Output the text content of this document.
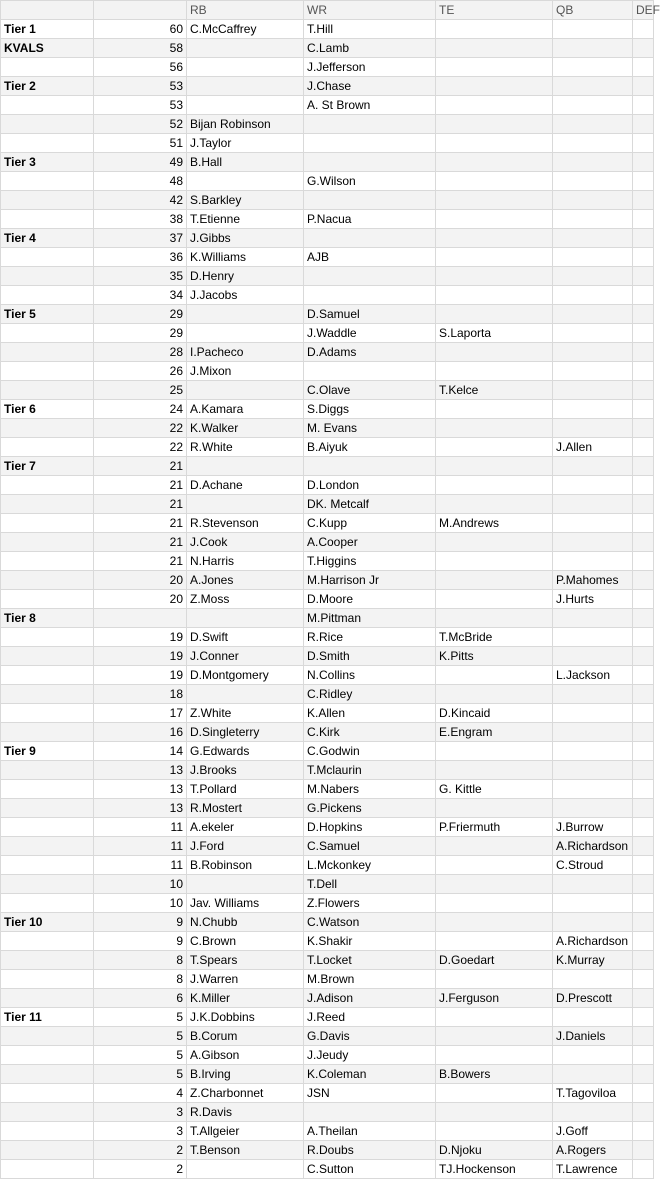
		RB	WR	TE	QB	DEF
Tier 1	60	C.McCaffrey	T.Hill			
KVALS	58		C.Lamb			
	56		J.Jefferson			
Tier 2	53		J.Chase			
	53		A. St Brown			
	52	Bijan Robinson				
	51	J.Taylor				
Tier 3	49	B.Hall				
	48		G.Wilson			
	42	S.Barkley				
	38	T.Etienne	P.Nacua			
Tier 4	37	J.Gibbs				
	36	K.Williams	AJB			
	35	D.Henry				
	34	J.Jacobs				
Tier 5	29		D.Samuel			
	29		J.Waddle	S.Laporta		
	28	I.Pacheco	D.Adams			
	26	J.Mixon				
	25		C.Olave	T.Kelce		
Tier 6	24	A.Kamara	S.Diggs			
	22	K.Walker	M. Evans			
	22	R.White	B.Aiyuk		J.Allen	
Tier 7	21					
	21	D.Achane	D.London			
	21		DK. Metcalf			
	21	R.Stevenson	C.Kupp	M.Andrews		
	21	J.Cook	A.Cooper			
	21	N.Harris	T.Higgins			
	20	A.Jones	M.Harrison Jr		P.Mahomes	
	20	Z.Moss	D.Moore		J.Hurts	
Tier 8			M.Pittman			
	19	D.Swift	R.Rice	T.McBride		
	19	J.Conner	D.Smith	K.Pitts		
	19	D.Montgomery	N.Collins		L.Jackson	
	18		C.Ridley			
	17	Z.White	K.Allen	D.Kincaid		
	16	D.Singleterry	C.Kirk	E.Engram		
Tier 9	14	G.Edwards	C.Godwin			
	13	J.Brooks	T.Mclaurin			
	13	T.Pollard	M.Nabers	G. Kittle		
	13	R.Mostert	G.Pickens			
	11	A.ekeler	D.Hopkins	P.Friermuth	J.Burrow	
	11	J.Ford	C.Samuel		A.Richardson	
	11	B.Robinson	L.Mckonkey		C.Stroud	
	10		T.Dell			
	10	Jav. Williams	Z.Flowers			
Tier 10	9	N.Chubb	C.Watson			
	9	C.Brown	K.Shakir		A.Richardson	
	8	T.Spears	T.Locket	D.Goedart	K.Murray	
	8	J.Warren	M.Brown			
	6	K.Miller	J.Adison	J.Ferguson	D.Prescott	
Tier 11	5	J.K.Dobbins	J.Reed			
	5	B.Corum	G.Davis		J.Daniels	
	5	A.Gibson	J.Jeudy			
	5	B.Irving	K.Coleman	B.Bowers		
	4	Z.Charbonnet	JSN		T.Tagoviloa	
	3	R.Davis				
	3	T.Allgeier	A.Theilan		J.Goff	
	2	T.Benson	R.Doubs	D.Njoku	A.Rogers	
	2		C.Sutton	TJ.Hockenson	T.Lawrence	
